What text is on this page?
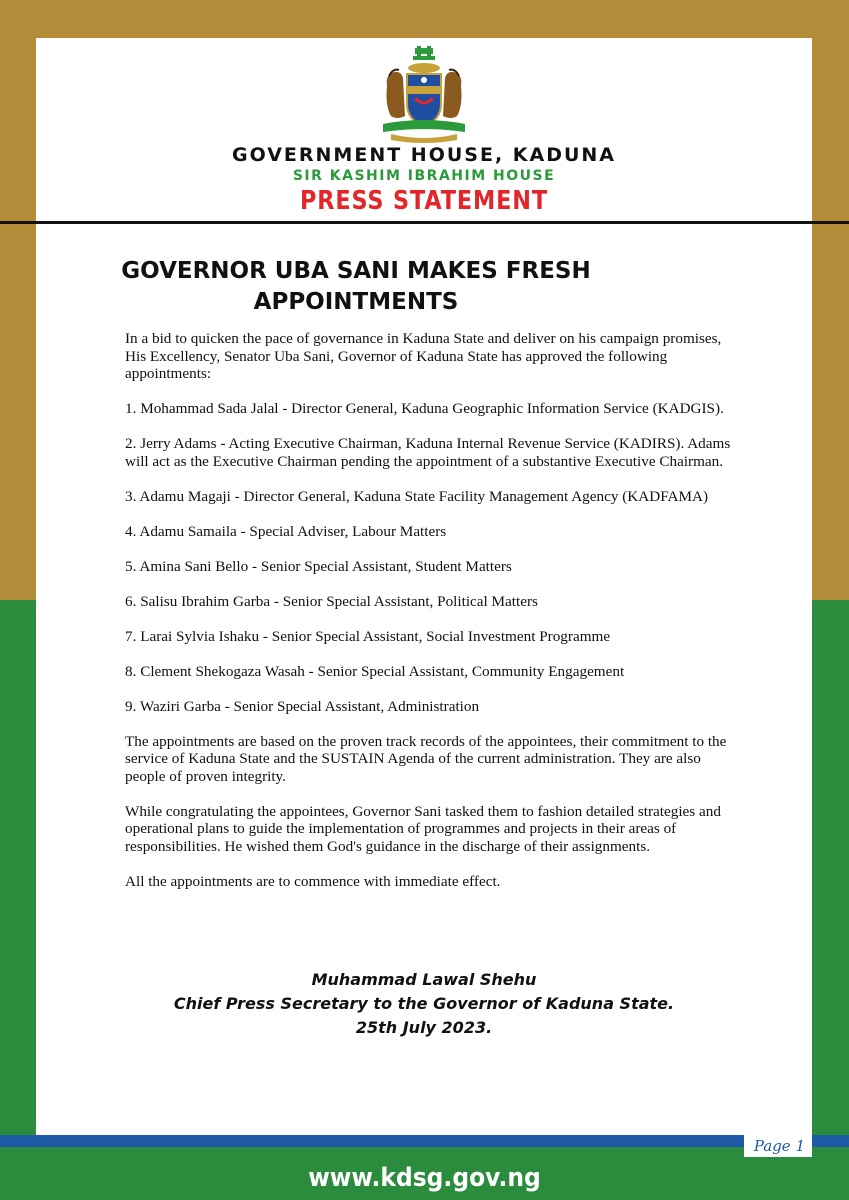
GOVERNMENT HOUSE, KADUNA
SIR KASHIM IBRAHIM HOUSE
PRESS STATEMENT
GOVERNOR UBA SANI MAKES FRESH
APPOINTMENTS

In a bid to quicken the pace of governance in Kaduna State and deliver on his campaign promises, His Excellency, Senator Uba Sani, Governor of Kaduna State has approved the following appointments:

1. Mohammad Sada Jalal - Director General, Kaduna Geographic Information Service (KADGIS).

2. Jerry Adams - Acting Executive Chairman, Kaduna Internal Revenue Service (KADIRS). Adams will act as the Executive Chairman pending the appointment of a substantive Executive Chairman.

3. Adamu Magaji - Director General, Kaduna State Facility Management Agency (KADFAMA)

4. Adamu Samaila - Special Adviser, Labour Matters

5. Amina Sani Bello - Senior Special Assistant, Student Matters

6. Salisu Ibrahim Garba - Senior Special Assistant, Political Matters

7. Larai Sylvia Ishaku - Senior Special Assistant, Social Investment Programme

8. Clement Shekogaza Wasah - Senior Special Assistant, Community Engagement

9. Waziri Garba - Senior Special Assistant, Administration

The appointments are based on the proven track records of the appointees, their commitment to the service of Kaduna State and the SUSTAIN Agenda of the current administration. They are also people of proven integrity.

While congratulating the appointees, Governor Sani tasked them to fashion detailed strategies and operational plans to guide the implementation of programmes and projects in their areas of responsibilities. He wished them God's guidance in the discharge of their assignments.

All the appointments are to commence with immediate effect.

Muhammad Lawal Shehu
Chief Press Secretary to the Governor of Kaduna State.
25th July 2023.
Page 1
www.kdsg.gov.ng
